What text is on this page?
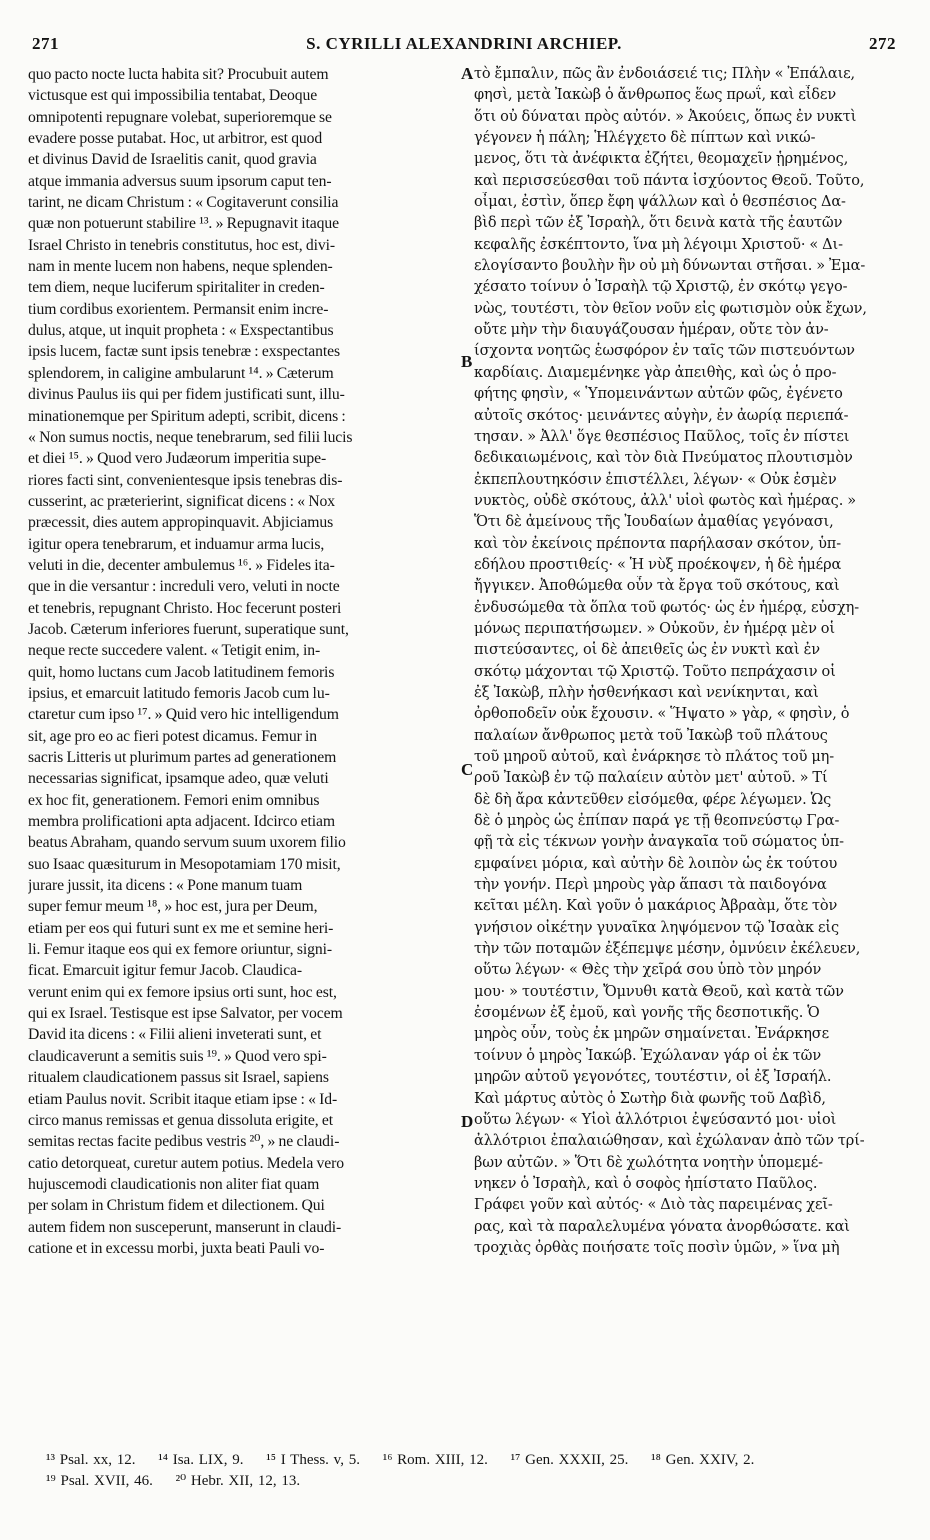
271	S. CYRILLI ALEXANDRINI ARCHIEP.	272
quo pacto nocte lucta habita sit? Procubuit autem
victusque est qui impossibilia tentabat, Deoque
omnipotenti repugnare volebat, superioremque se
evadere posse putabat. Hoc, ut arbitror, est quod
et divinus David de Israelitis canit, quod gravia
atque immania adversus suum ipsorum caput ten-
tarint, ne dicam Christum : « Cogitaverunt consilia
quæ non potuerunt stabilire ¹³. » Repugnavit itaque
Israel Christo in tenebris constitutus, hoc est, divi-
nam in mente lucem non habens, neque splenden-
tem diem, neque luciferum spiritaliter in creden-
tium cordibus exorientem. Permansit enim incre-
dulus, atque, ut inquit propheta : « Exspectantibus
ipsis lucem, factæ sunt ipsis tenebræ : exspectantes
splendorem, in caligine ambularunt ¹⁴. » Cæterum
divinus Paulus iis qui per fidem justificati sunt, illu-
minationemque per Spiritum adepti, scribit, dicens :
« Non sumus noctis, neque tenebrarum, sed filii lucis
et diei ¹⁵. » Quod vero Judæorum imperitia supe-
riores facti sint, convenientesque ipsis tenebras dis-
cusserint, ac præterierint, significat dicens : « Nox
præcessit, dies autem appropinquavit. Abjiciamus
igitur opera tenebrarum, et induamur arma lucis,
veluti in die, decenter ambulemus ¹⁶. » Fideles ita-
que in die versantur : increduli vero, veluti in nocte
et tenebris, repugnant Christo. Hoc fecerunt posteri
Jacob. Cæterum inferiores fuerunt, superatique sunt,
neque recte succedere valent. « Tetigit enim, in-
quit, homo luctans cum Jacob latitudinem femoris
ipsius, et emarcuit latitudo femoris Jacob cum lu-
ctaretur cum ipso ¹⁷. » Quid vero hic intelligendum
sit, age pro eo ac fieri potest dicamus. Femur in
sacris Litteris ut plurimum partes ad generationem
necessarias significat, ipsamque adeo, quæ veluti
ex hoc fit, generationem. Femori enim omnibus
membra prolificationi apta adjacent. Idcirco etiam
beatus Abraham, quando servum suum uxorem filio
suo Isaac quæsiturum in Mesopotamiam 170 misit,
jurare jussit, ita dicens : « Pone manum tuam
super femur meum ¹⁸, » hoc est, jura per Deum,
etiam per eos qui futuri sunt ex me et semine heri-
li. Femur itaque eos qui ex femore oriuntur, signi-
ficat. Emarcuit igitur femur Jacob. Claudica-
verunt enim qui ex femore ipsius orti sunt, hoc est,
qui ex Israel. Testisque est ipse Salvator, per vocem
David ita dicens : « Filii alieni inveterati sunt, et
claudicaverunt a semitis suis ¹⁹. » Quod vero spi-
ritualem claudicationem passus sit Israel, sapiens
etiam Paulus novit. Scribit itaque etiam ipse : « Id-
circo manus remissas et genua dissoluta erigite, et
semitas rectas facite pedibus vestris ²⁰, » ne claudi-
catio detorqueat, curetur autem potius. Medela vero
hujuscemodi claudicationis non aliter fiat quam
per solam in Christum fidem et dilectionem. Qui
autem fidem non susceperunt, manserunt in claudi-
catione et in excessu morbi, juxta beati Pauli vo-
τὸ ἔμπαλιν, πῶς ἂν ἐνδοιάσειέ τις; Πλὴν « Ἐπάλαιε,
φησὶ, μετὰ Ἰακὼβ ὁ ἄνθρωπος ἕως πρωΐ, καὶ εἶδεν
ὅτι οὐ δύναται πρὸς αὐτόν. » Ἀκούεις, ὅπως ἐν νυκτὶ
γέγονεν ἡ πάλη; Ἡλέγχετο δὲ πίπτων καὶ νικώ-
μενος, ὅτι τὰ ἀνέφικτα ἐζήτει, θεομαχεῖν ᾑρημένος,
καὶ περισσεύεσθαι τοῦ πάντα ἰσχύοντος Θεοῦ. Τοῦτο,
οἶμαι, ἐστὶν, ὅπερ ἔφη ψάλλων καὶ ὁ θεσπέσιος Δα-
βὶδ περὶ τῶν ἐξ Ἰσραὴλ, ὅτι δεινὰ κατὰ τῆς ἑαυτῶν
κεφαλῆς ἐσκέπτοντο, ἵνα μὴ λέγοιμι Χριστοῦ· « Δι-
ελογίσαντο βουλὴν ἣν οὐ μὴ δύνωνται στῆσαι. » Ἐμα-
χέσατο τοίνυν ὁ Ἰσραὴλ τῷ Χριστῷ, ἐν σκότῳ γεγο-
νὼς, τουτέστι, τὸν θεῖον νοῦν εἰς φωτισμὸν οὐκ ἔχων,
οὔτε μὴν τὴν διαυγάζουσαν ἡμέραν, οὔτε τὸν ἀν-
ίσχοντα νοητῶς ἑωσφόρον ἐν ταῖς τῶν πιστευόντων
καρδίαις. Διαμεμένηκε γὰρ ἀπειθὴς, καὶ ὡς ὁ προ-
φήτης φησὶν, « Ὑπομεινάντων αὐτῶν φῶς, ἐγένετο
αὐτοῖς σκότος· μεινάντες αὐγὴν, ἐν ἀωρίᾳ περιεπά-
τησαν. » Ἀλλ' ὅγε θεσπέσιος Παῦλος, τοῖς ἐν πίστει
δεδικαιωμένοις, καὶ τὸν διὰ Πνεύματος πλουτισμὸν
ἐκπεπλουτηκόσιν ἐπιστέλλει, λέγων· « Οὐκ ἐσμὲν
νυκτὸς, οὐδὲ σκότους, ἀλλ' υἱοὶ φωτὸς καὶ ἡμέρας. »
Ὅτι δὲ ἀμείνους τῆς Ἰουδαίων ἀμαθίας γεγόνασι,
καὶ τὸν ἐκείνοις πρέποντα παρήλασαν σκότον, ὑπ-
εδήλου προστιθείς· « Ἡ νὺξ προέκοψεν, ἡ δὲ ἡμέρα
ἤγγικεν. Ἀποθώμεθα οὖν τὰ ἔργα τοῦ σκότους, καὶ
ἐνδυσώμεθα τὰ ὅπλα τοῦ φωτός· ὡς ἐν ἡμέρᾳ, εὐσχη-
μόνως περιπατήσωμεν. » Οὐκοῦν, ἐν ἡμέρᾳ μὲν οἱ
πιστεύσαντες, οἱ δὲ ἀπειθεῖς ὡς ἐν νυκτὶ καὶ ἐν
σκότῳ μάχονται τῷ Χριστῷ. Τοῦτο πεπράχασιν οἱ
ἐξ Ἰακὼβ, πλὴν ἠσθενήκασι καὶ νενίκηνται, καὶ
ὀρθοποδεῖν οὐκ ἔχουσιν. « Ἥψατο » γὰρ, « φησὶν, ὁ
παλαίων ἄνθρωπος μετὰ τοῦ Ἰακὼβ τοῦ πλάτους
τοῦ μηροῦ αὐτοῦ, καὶ ἐνάρκησε τὸ πλάτος τοῦ μη-
ροῦ Ἰακὼβ ἐν τῷ παλαίειν αὐτὸν μετ' αὐτοῦ. » Τί
δὲ δὴ ἄρα κἀντεῦθεν εἰσόμεθα, φέρε λέγωμεν. Ὡς
δὲ ὁ μηρὸς ὡς ἐπίπαν παρά γε τῇ θεοπνεύστῳ Γρα-
φῇ τὰ εἰς τέκνων γονὴν ἀναγκαῖα τοῦ σώματος ὑπ-
εμφαίνει μόρια, καὶ αὐτὴν δὲ λοιπὸν ὡς ἐκ τούτου
τὴν γονήν. Περὶ μηροὺς γὰρ ἅπασι τὰ παιδογόνα
κεῖται μέλη. Καὶ γοῦν ὁ μακάριος Ἀβραὰμ, ὅτε τὸν
γνήσιον οἰκέτην γυναῖκα ληψόμενον τῷ Ἰσαὰκ εἰς
τὴν τῶν ποταμῶν ἐξέπεμψε μέσην, ὀμνύειν ἐκέλευεν,
οὕτω λέγων· « Θὲς τὴν χεῖρά σου ὑπὸ τὸν μηρόν
μου· » τουτέστιν, Ὄμνυθι κατὰ Θεοῦ, καὶ κατὰ τῶν
ἐσομένων ἐξ ἐμοῦ, καὶ γονῆς τῆς δεσποτικῆς. Ὁ
μηρὸς οὖν, τοὺς ἐκ μηρῶν σημαίνεται. Ἐνάρκησε
τοίνυν ὁ μηρὸς Ἰακώβ. Ἐχώλαναν γάρ οἱ ἐκ τῶν
μηρῶν αὐτοῦ γεγονότες, τουτέστιν, οἱ ἐξ Ἰσραήλ.
Καὶ μάρτυς αὐτὸς ὁ Σωτὴρ διὰ φωνῆς τοῦ Δαβὶδ,
οὕτω λέγων· « Υἱοὶ ἀλλότριοι ἐψεύσαντό μοι· υἱοὶ
ἀλλότριοι ἐπαλαιώθησαν, καὶ ἐχώλαναν ἀπὸ τῶν τρί-
βων αὐτῶν. » Ὅτι δὲ χωλότητα νοητὴν ὑπομεμέ-
νηκεν ὁ Ἰσραὴλ, καὶ ὁ σοφὸς ἠπίστατο Παῦλος.
Γράφει γοῦν καὶ αὐτός· « Διὸ τὰς παρειμένας χεῖ-
ρας, καὶ τὰ παραλελυμένα γόνατα ἀνορθώσατε. καὶ
τροχιὰς ὀρθὰς ποιήσατε τοῖς ποσὶν ὑμῶν, » ἵνα μὴ
A
B
C
D
¹³ Psal. xx, 12. ¹⁴ Isa. LIX, 9. ¹⁵ I Thess. v, 5. ¹⁶ Rom. XIII, 12. ¹⁷ Gen. XXXII, 25. ¹⁸ Gen. XXIV, 2.
¹⁹ Psal. XVII, 46. ²⁰ Hebr. XII, 12, 13.
